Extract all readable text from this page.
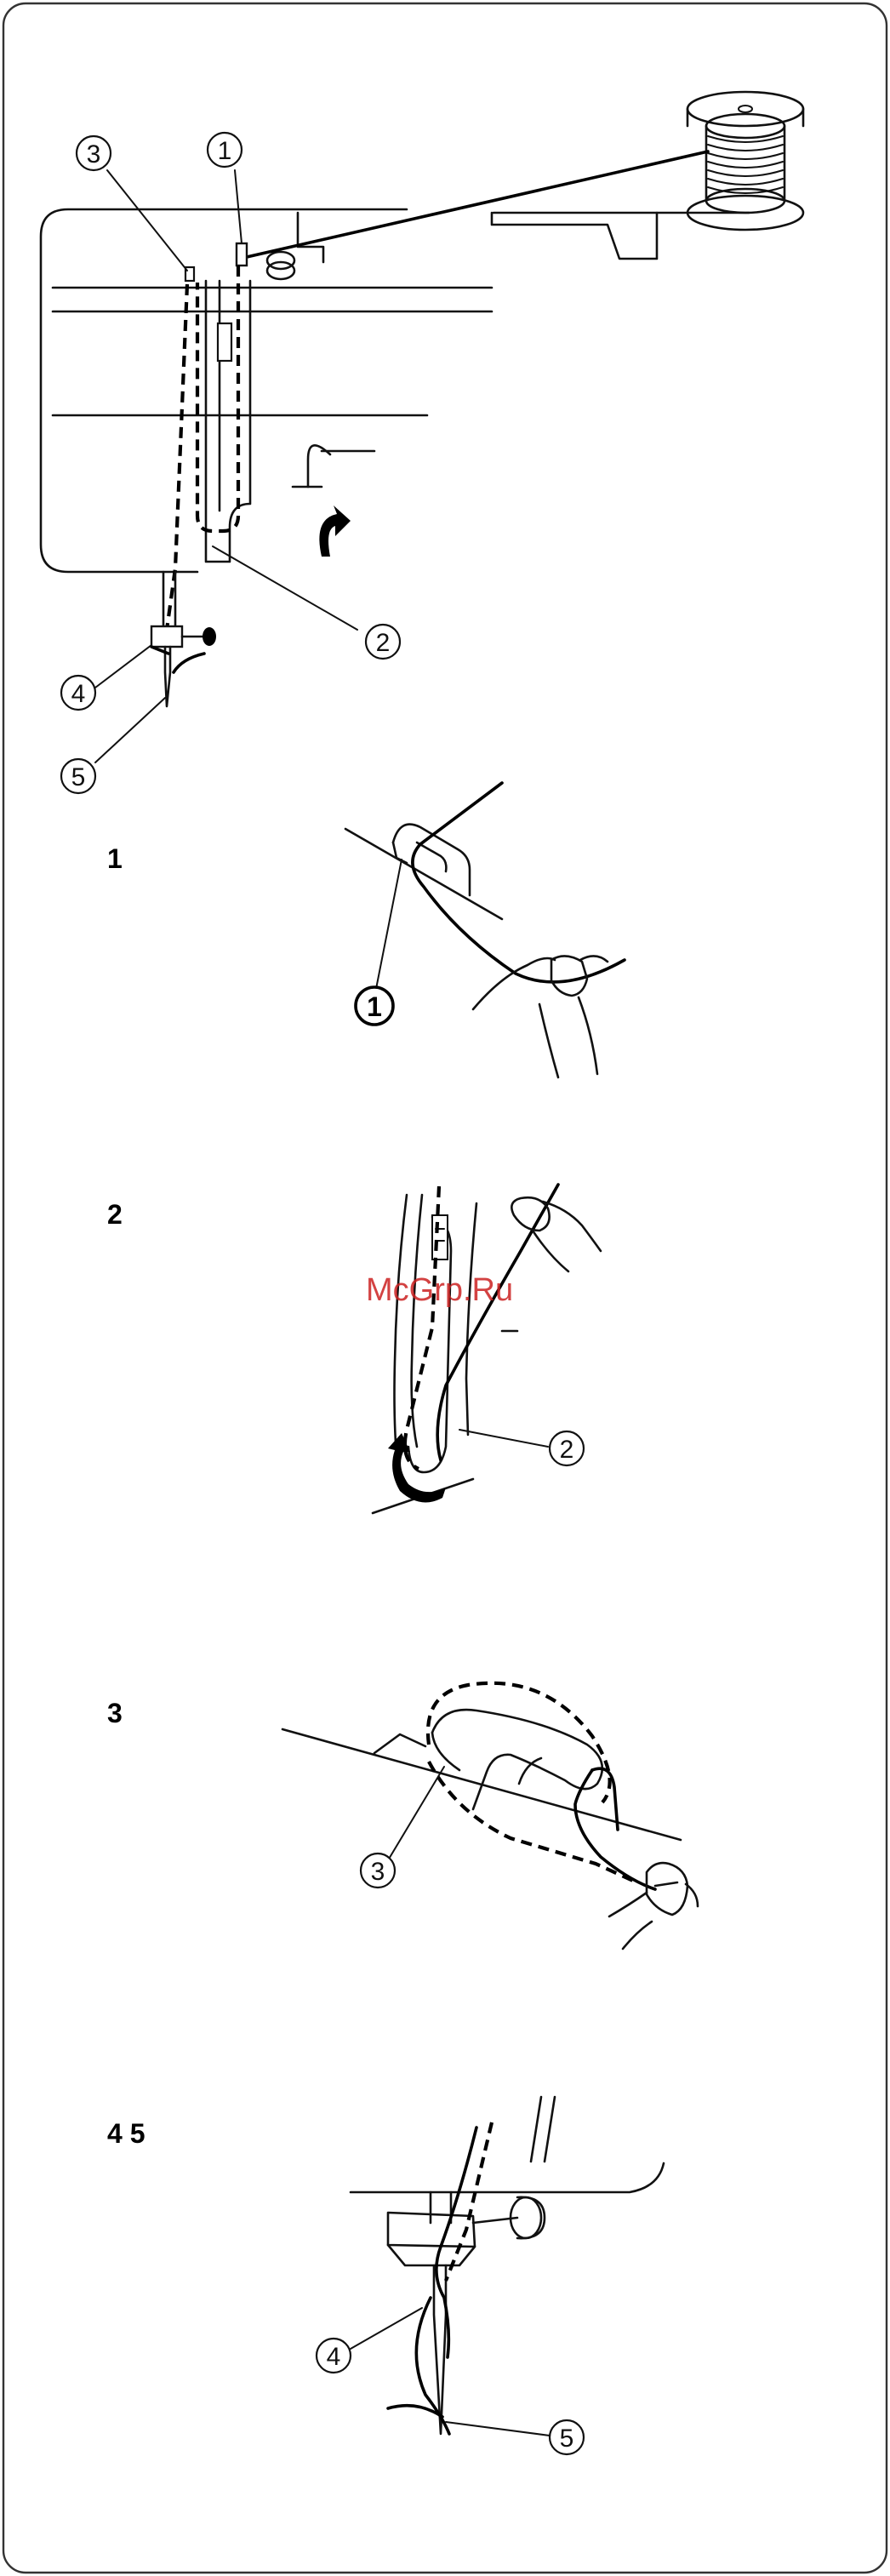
3	1
2
4
5
1
1
2
2
3
3
4 5
4
5
McGrp.Ru
